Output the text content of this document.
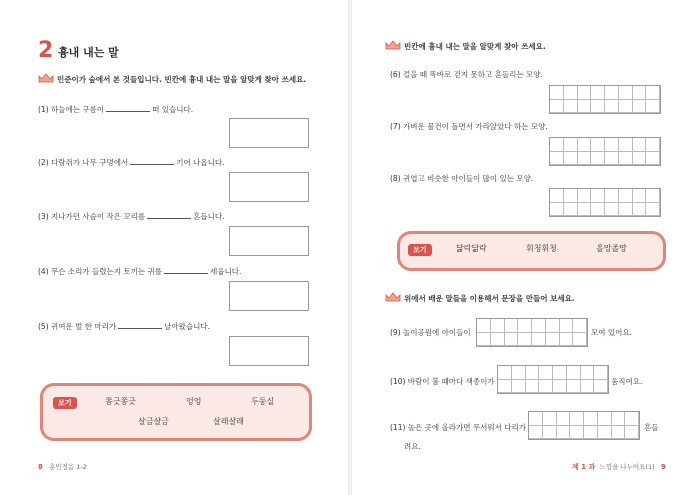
2 흉내 내는 말
민준이가 숲에서 본 것들입니다. 빈칸에 흉내 내는 말을 알맞게 찾아 쓰세요.
(1) 하늘에는 구름이	떠 있습니다.
(2) 다람쥐가 나무 구멍에서	기어 나옵니다.
(3) 지나가던 사슴이 작은 꼬리를	흔듭니다.
(4) 무슨 소리가 들렸는지 토끼는 귀를	세웁니다.
(5) 귀여운 벌 한 마리가	날아왔습니다.
보기	쫑긋쫑긋	엉엉	두둥실
살금살금	살래살래
8 훈민정음 1-2
빈칸에 흉내 내는 말을 알맞게 찾아 쓰세요.
(6) 걸을 때 똑바로 걷지 못하고 흔들리는 모양.
(7) 가벼운 물건이 돌면서 가라앉았다 하는 모양.
(8) 귀엽고 비슷한 아이들이 많이 있는 모양.
보기	닮락닮락	휘청휘청	올망졸망
위에서 배운 말들을 이용해서 문장을 만들어 보세요.
(9) 놀이공원에 아이들이	모여 있어요.
(10) 바람이 불 때마다 색종이가	움직여요.
(11) 높은 곳에 올라가면 무서워서 다리가	흔들
려요.
제 1 과 느낌을 나누어요(1) 9
